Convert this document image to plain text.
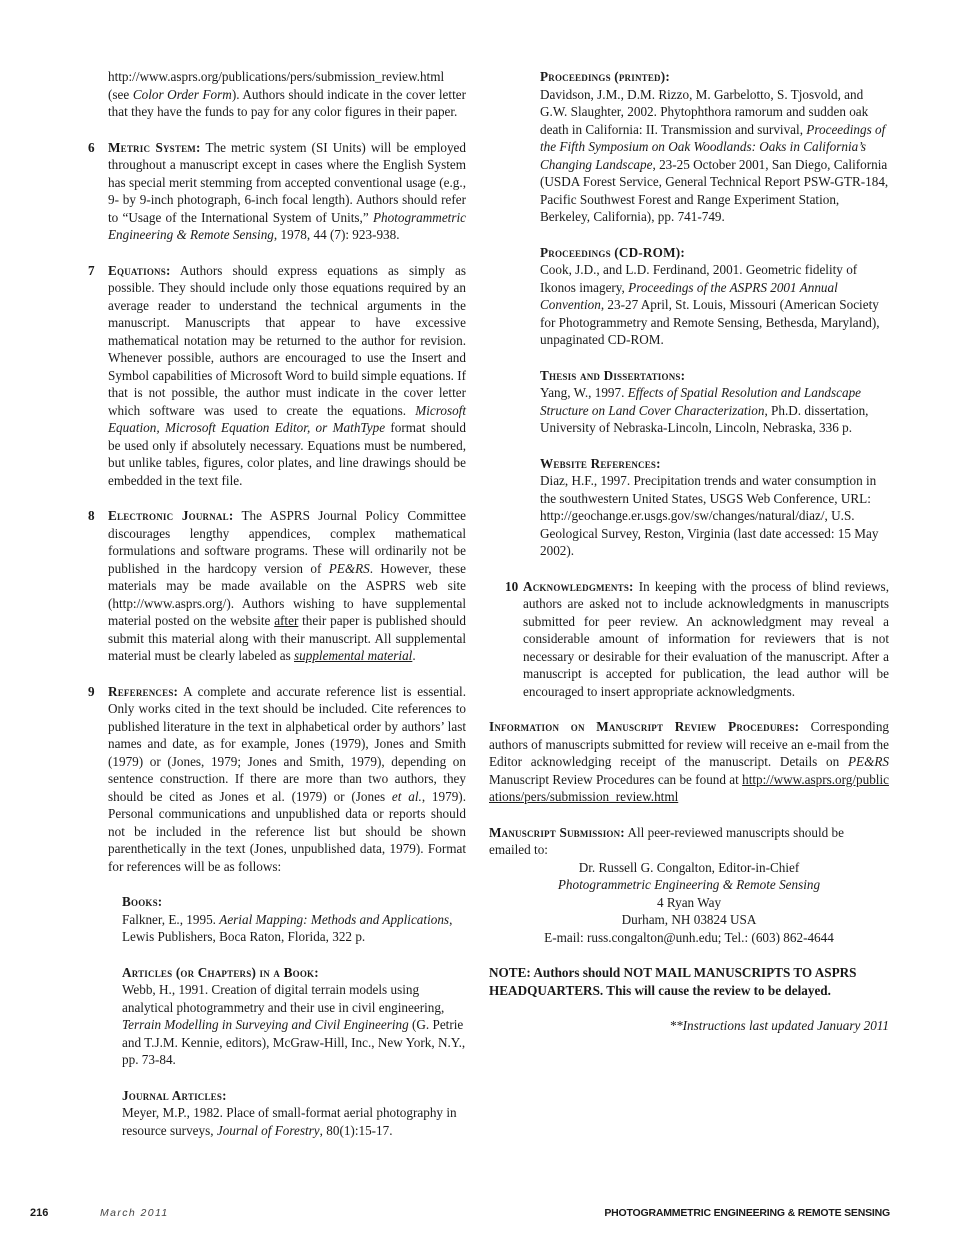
http://www.asprs.org/publications/pers/submission_review.html (see Color Order Form). Authors should indicate in the cover letter that they have the funds to pay for any color figures in their paper.

6 Metric System: The metric system (SI Units) will be employed throughout a manuscript except in cases where the English System has special merit stemming from accepted conventional usage (e.g., 9- by 9-inch photograph, 6-inch focal length). Authors should refer to “Usage of the International System of Units,” Photogrammetric Engineering & Remote Sensing, 1978, 44 (7): 923-938.

7 Equations: Authors should express equations as simply as possible. They should include only those equations required by an average reader to understand the technical arguments in the manuscript. Manuscripts that appear to have excessive mathematical notation may be returned to the author for revision. Whenever possible, authors are encouraged to use the Insert and Symbol capabilities of Microsoft Word to build simple equations. If that is not possible, the author must indicate in the cover letter which software was used to create the equations. Microsoft Equation, Microsoft Equation Editor, or MathType format should be used only if absolutely necessary. Equations must be numbered, but unlike tables, figures, color plates, and line drawings should be embedded in the text file.

8 Electronic Journal: The ASPRS Journal Policy Committee discourages lengthy appendices, complex mathematical formulations and software programs. These will ordinarily not be published in the hardcopy version of PE&RS. However, these materials may be made available on the ASPRS web site (http://www.asprs.org/). Authors wishing to have supplemental material posted on the website after their paper is published should submit this material along with their manuscript. All supplemental material must be clearly labeled as supplemental material.

9 References: A complete and accurate reference list is essential. Only works cited in the text should be included. Cite references to published literature in the text in alphabetical order by authors’ last names and date, as for example, Jones (1979), Jones and Smith (1979) or (Jones, 1979; Jones and Smith, 1979), depending on sentence construction. If there are more than two authors, they should be cited as Jones et al. (1979) or (Jones et al., 1979). Personal communications and unpublished data or reports should not be included in the reference list but should be shown parenthetically in the text (Jones, unpublished data, 1979). Format for references will be as follows:

Books:
Falkner, E., 1995. Aerial Mapping: Methods and Applications, Lewis Publishers, Boca Raton, Florida, 322 p.

Articles (or Chapters) in a Book:
Webb, H., 1991. Creation of digital terrain models using analytical photogrammetry and their use in civil engineering, Terrain Modelling in Surveying and Civil Engineering (G. Petrie and T.J.M. Kennie, editors), McGraw-Hill, Inc., New York, N.Y., pp. 73-84.

Journal Articles:
Meyer, M.P., 1982. Place of small-format aerial photography in resource surveys, Journal of Forestry, 80(1):15-17.

Proceedings (printed):
Davidson, J.M., D.M. Rizzo, M. Garbelotto, S. Tjosvold, and G.W. Slaughter, 2002. Phytophthora ramorum and sudden oak death in California: II. Transmission and survival, Proceedings of the Fifth Symposium on Oak Woodlands: Oaks in California’s Changing Landscape, 23-25 October 2001, San Diego, California (USDA Forest Service, General Technical Report PSW-GTR-184, Pacific Southwest Forest and Range Experiment Station, Berkeley, California), pp. 741-749.

Proceedings (CD-ROM):
Cook, J.D., and L.D. Ferdinand, 2001. Geometric fidelity of Ikonos imagery, Proceedings of the ASPRS 2001 Annual Convention, 23-27 April, St. Louis, Missouri (American Society for Photogrammetry and Remote Sensing, Bethesda, Maryland), unpaginated CD-ROM.

Thesis and Dissertations:
Yang, W., 1997. Effects of Spatial Resolution and Landscape Structure on Land Cover Characterization, Ph.D. dissertation, University of Nebraska-Lincoln, Lincoln, Nebraska, 336 p.

Website References:
Diaz, H.F., 1997. Precipitation trends and water consumption in the southwestern United States, USGS Web Conference, URL: http://geochange.er.usgs.gov/sw/changes/natural/diaz/, U.S. Geological Survey, Reston, Virginia (last date accessed: 15 May 2002).

10 Acknowledgments: In keeping with the process of blind reviews, authors are asked not to include acknowledgments in manuscripts submitted for peer review. An acknowledgment may reveal a considerable amount of information for reviewers that is not necessary or desirable for their evaluation of the manuscript. After a manuscript is accepted for publication, the lead author will be encouraged to insert appropriate acknowledgments.

Information on Manuscript Review Procedures: Corresponding authors of manuscripts submitted for review will receive an e-mail from the Editor acknowledging receipt of the manuscript. Details on PE&RS Manuscript Review Procedures can be found at http://www.asprs.org/publications/pers/submission_review.html

Manuscript Submission: All peer-reviewed manuscripts should be emailed to:

Dr. Russell G. Congalton, Editor-in-Chief
Photogrammetric Engineering & Remote Sensing
4 Ryan Way
Durham, NH 03824 USA
E-mail: russ.congalton@unh.edu; Tel.: (603) 862-4644

NOTE: Authors should NOT MAIL MANUSCRIPTS TO ASPRS HEADQUARTERS. This will cause the review to be delayed.

**Instructions last updated January 2011

216	March 2011	PHOTOGRAMMETRIC ENGINEERING & REMOTE SENSING
